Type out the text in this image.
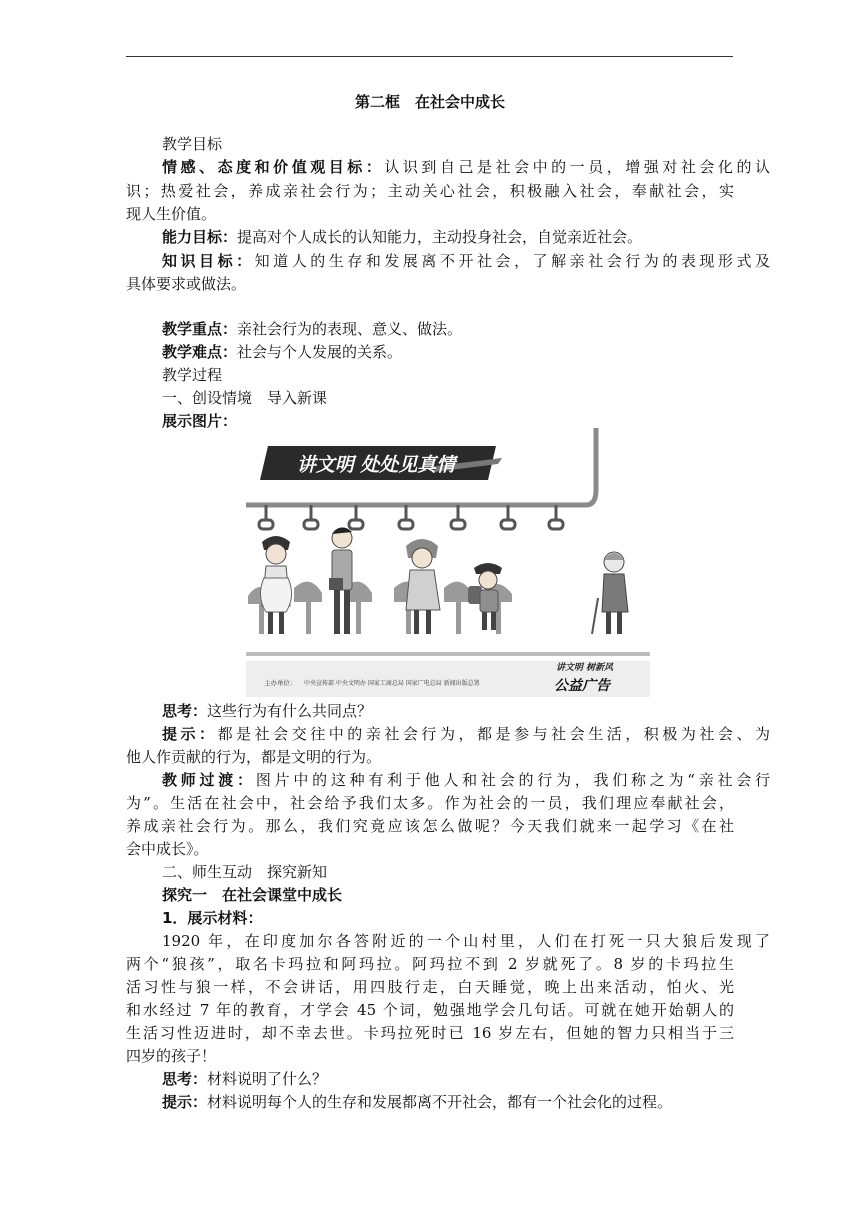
第二框　在社会中成长
教学目标
情感、态度和价值观目标：认识到自己是社会中的一员，增强对社会化的认
识；热爱社会，养成亲社会行为；主动关心社会，积极融入社会，奉献社会，实
现人生价值。
能力目标：提高对个人成长的认知能力，主动投身社会，自觉亲近社会。
知识目标：知道人的生存和发展离不开社会，了解亲社会行为的表现形式及
具体要求或做法。
教学重点：亲社会行为的表现、意义、做法。
教学难点：社会与个人发展的关系。
教学过程
一、创设情境　导入新课
展示图片：
讲文明 处处见真情
主办单位： 中央宣传部 中央文明办 国家工商总局 国家广电总局 新闻出版总署
讲文明 树新风
公益广告
思考：这些行为有什么共同点？
提示：都是社会交往中的亲社会行为，都是参与社会生活，积极为社会、为
他人作贡献的行为，都是文明的行为。
教师过渡：图片中的这种有利于他人和社会的行为，我们称之为“亲社会行
为”。生活在社会中，社会给予我们太多。作为社会的一员，我们理应奉献社会，
养成亲社会行为。那么，我们究竟应该怎么做呢？今天我们就来一起学习《在社
会中成长》。
二、师生互动　探究新知
探究一　在社会课堂中成长
1．展示材料：
1920 年，在印度加尔各答附近的一个山村里，人们在打死一只大狼后发现了
两个“狼孩”，取名卡玛拉和阿玛拉。阿玛拉不到 2 岁就死了。8 岁的卡玛拉生
活习性与狼一样，不会讲话，用四肢行走，白天睡觉，晚上出来活动，怕火、光
和水经过 7 年的教育，才学会 45 个词，勉强地学会几句话。可就在她开始朝人的
生活习性迈进时，却不幸去世。卡玛拉死时已 16 岁左右，但她的智力只相当于三
四岁的孩子！
思考：材料说明了什么？
提示：材料说明每个人的生存和发展都离不开社会，都有一个社会化的过程。
